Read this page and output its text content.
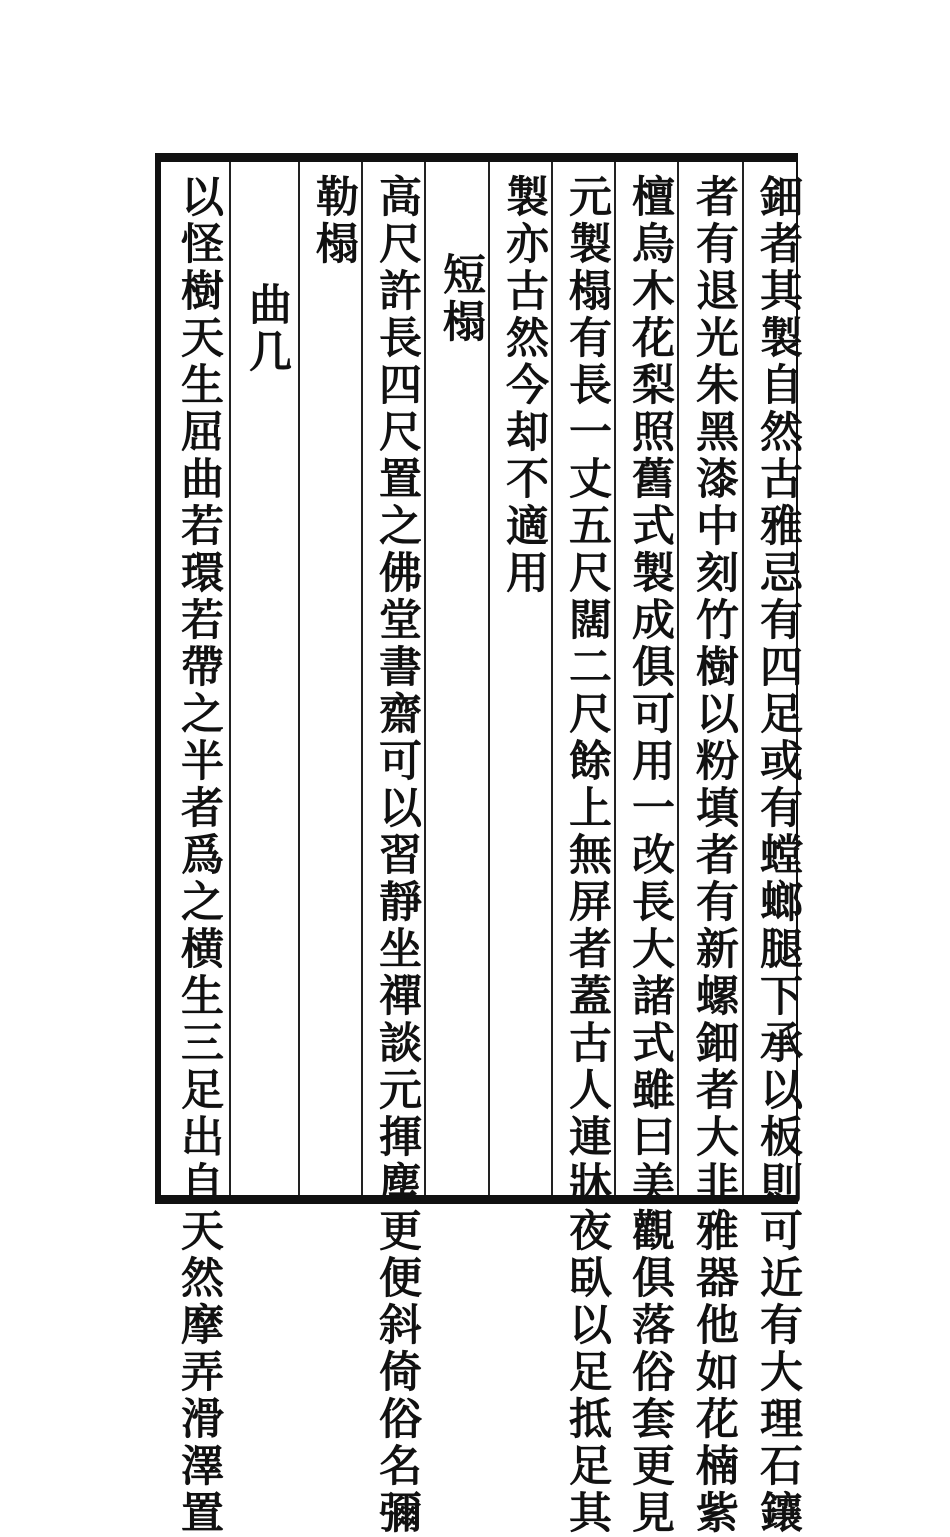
鈿者其製自然古雅忌有四足或有螳螂腿下承以板則可近有大理石鑲
者有退光朱黑漆中刻竹樹以粉填者有新螺鈿者大非雅器他如花楠紫
檀烏木花梨照舊式製成俱可用一改長大諸式雖曰美觀俱落俗套更見
元製榻有長一丈五尺闊二尺餘上無屏者蓋古人連牀夜臥以足抵足其
製亦古然今却不適用
短榻
高尺許長四尺置之佛堂書齋可以習靜坐禪談元揮塵更便斜倚俗名彌
勒榻
曲几
以怪樹天生屈曲若環若帶之半者爲之横生三足出自天然摩弄滑澤置
